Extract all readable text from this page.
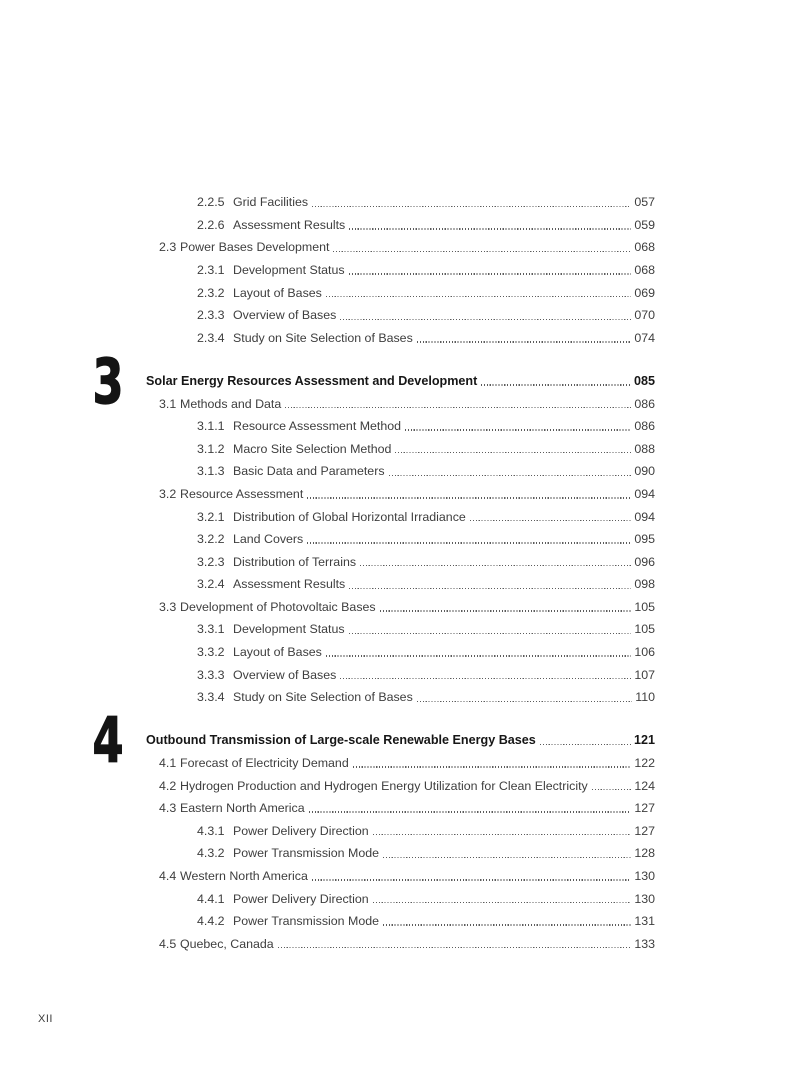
2.2.5 Grid Facilities	057
2.2.6 Assessment Results	059
2.3 Power Bases Development	068
2.3.1 Development Status	068
2.3.2 Layout of Bases	069
2.3.3 Overview of Bases	070
2.3.4 Study on Site Selection of Bases	074
3 Solar Energy Resources Assessment and Development	085
3.1 Methods and Data	086
3.1.1 Resource Assessment Method	086
3.1.2 Macro Site Selection Method	088
3.1.3 Basic Data and Parameters	090
3.2 Resource Assessment	094
3.2.1 Distribution of Global Horizontal Irradiance	094
3.2.2 Land Covers	095
3.2.3 Distribution of Terrains	096
3.2.4 Assessment Results	098
3.3 Development of Photovoltaic Bases	105
3.3.1 Development Status	105
3.3.2 Layout of Bases	106
3.3.3 Overview of Bases	107
3.3.4 Study on Site Selection of Bases	110
4 Outbound Transmission of Large-scale Renewable Energy Bases	121
4.1 Forecast of Electricity Demand	122
4.2 Hydrogen Production and Hydrogen Energy Utilization for Clean Electricity	124
4.3 Eastern North America	127
4.3.1 Power Delivery Direction	127
4.3.2 Power Transmission Mode	128
4.4 Western North America	130
4.4.1 Power Delivery Direction	130
4.4.2 Power Transmission Mode	131
4.5 Quebec, Canada	133
XII
